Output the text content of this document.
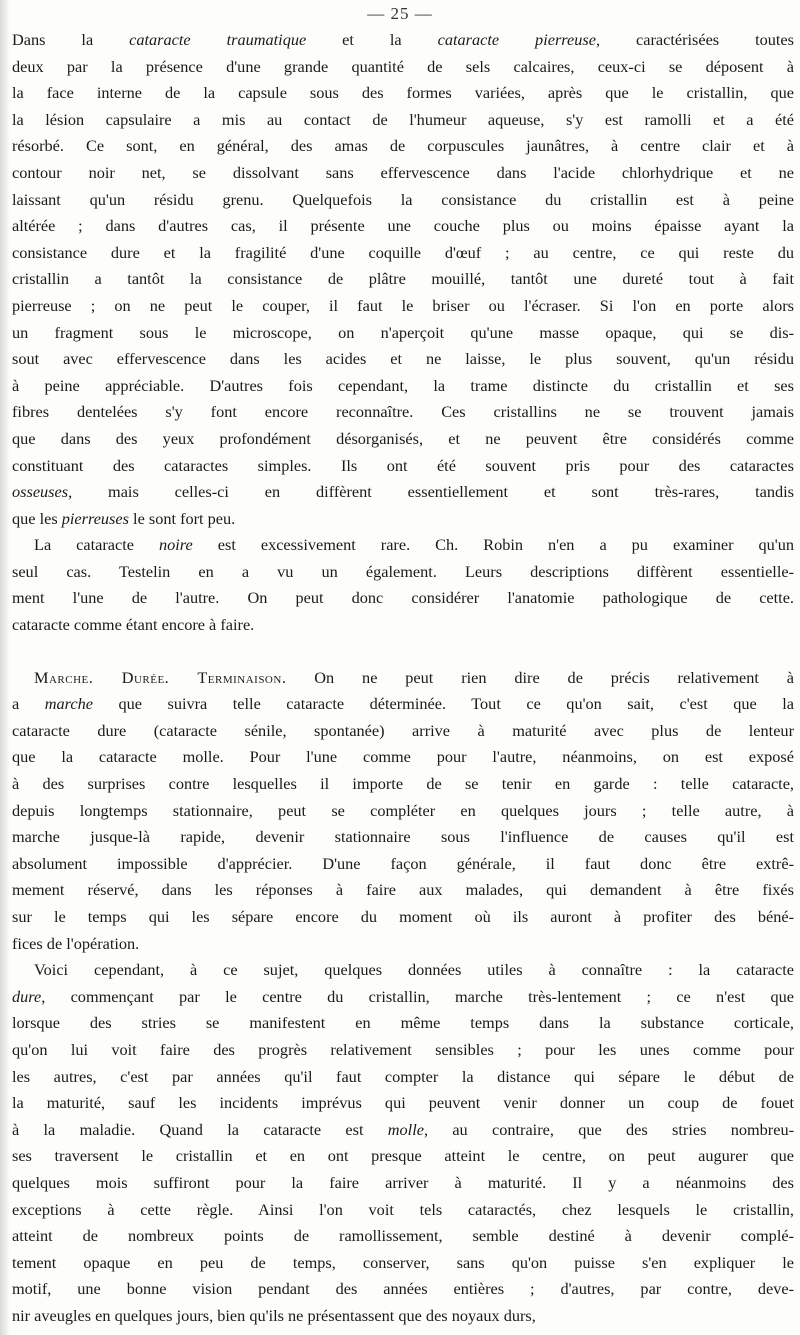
— 25 —
Dans la cataracte traumatique et la cataracte pierreuse, caractérisées toutes
deux par la présence d'une grande quantité de sels calcaires, ceux-ci se déposent à
la face interne de la capsule sous des formes variées, après que le cristallin, que
la lésion capsulaire a mis au contact de l'humeur aqueuse, s'y est ramolli et a été
résorbé. Ce sont, en général, des amas de corpuscules jaunâtres, à centre clair et à
contour noir net, se dissolvant sans effervescence dans l'acide chlorhydrique et ne
laissant qu'un résidu grenu. Quelquefois la consistance du cristallin est à peine
altérée ; dans d'autres cas, il présente une couche plus ou moins épaisse ayant la
consistance dure et la fragilité d'une coquille d'œuf ; au centre, ce qui reste du
cristallin a tantôt la consistance de plâtre mouillé, tantôt une dureté tout à fait
pierreuse ; on ne peut le couper, il faut le briser ou l'écraser. Si l'on en porte alors
un fragment sous le microscope, on n'aperçoit qu'une masse opaque, qui se dis-
sout avec effervescence dans les acides et ne laisse, le plus souvent, qu'un résidu
à peine appréciable. D'autres fois cependant, la trame distincte du cristallin et ses
fibres dentelées s'y font encore reconnaître. Ces cristallins ne se trouvent jamais
que dans des yeux profondément désorganisés, et ne peuvent être considérés comme
constituant des cataractes simples. Ils ont été souvent pris pour des cataractes
osseuses, mais celles-ci en diffèrent essentiellement et sont très-rares, tandis
que les pierreuses le sont fort peu.
La cataracte noire est excessivement rare. Ch. Robin n'en a pu examiner qu'un
seul cas. Testelin en a vu un également. Leurs descriptions diffèrent essentielle-
ment l'une de l'autre. On peut donc considérer l'anatomie pathologique de cette.
cataracte comme étant encore à faire.
Marche. Durée. Terminaison. On ne peut rien dire de précis relativement à
a marche que suivra telle cataracte déterminée. Tout ce qu'on sait, c'est que la
cataracte dure (cataracte sénile, spontanée) arrive à maturité avec plus de lenteur
que la cataracte molle. Pour l'une comme pour l'autre, néanmoins, on est exposé
à des surprises contre lesquelles il importe de se tenir en garde : telle cataracte,
depuis longtemps stationnaire, peut se compléter en quelques jours ; telle autre, à
marche jusque-là rapide, devenir stationnaire sous l'influence de causes qu'il est
absolument impossible d'apprécier. D'une façon générale, il faut donc être extrê-
mement réservé, dans les réponses à faire aux malades, qui demandent à être fixés
sur le temps qui les sépare encore du moment où ils auront à profiter des béné-
fices de l'opération.
Voici cependant, à ce sujet, quelques données utiles à connaître : la cataracte
dure, commençant par le centre du cristallin, marche très-lentement ; ce n'est que
lorsque des stries se manifestent en même temps dans la substance corticale,
qu'on lui voit faire des progrès relativement sensibles ; pour les unes comme pour
les autres, c'est par années qu'il faut compter la distance qui sépare le début de
la maturité, sauf les incidents imprévus qui peuvent venir donner un coup de fouet
à la maladie. Quand la cataracte est molle, au contraire, que des stries nombreu-
ses traversent le cristallin et en ont presque atteint le centre, on peut augurer que
quelques mois suffiront pour la faire arriver à maturité. Il y a néanmoins des
exceptions à cette règle. Ainsi l'on voit tels cataractés, chez lesquels le cristallin,
atteint de nombreux points de ramollissement, semble destiné à devenir complé-
tement opaque en peu de temps, conserver, sans qu'on puisse s'en expliquer le
motif, une bonne vision pendant des années entières ; d'autres, par contre, deve-
nir aveugles en quelques jours, bien qu'ils ne présentassent que des noyaux durs,
